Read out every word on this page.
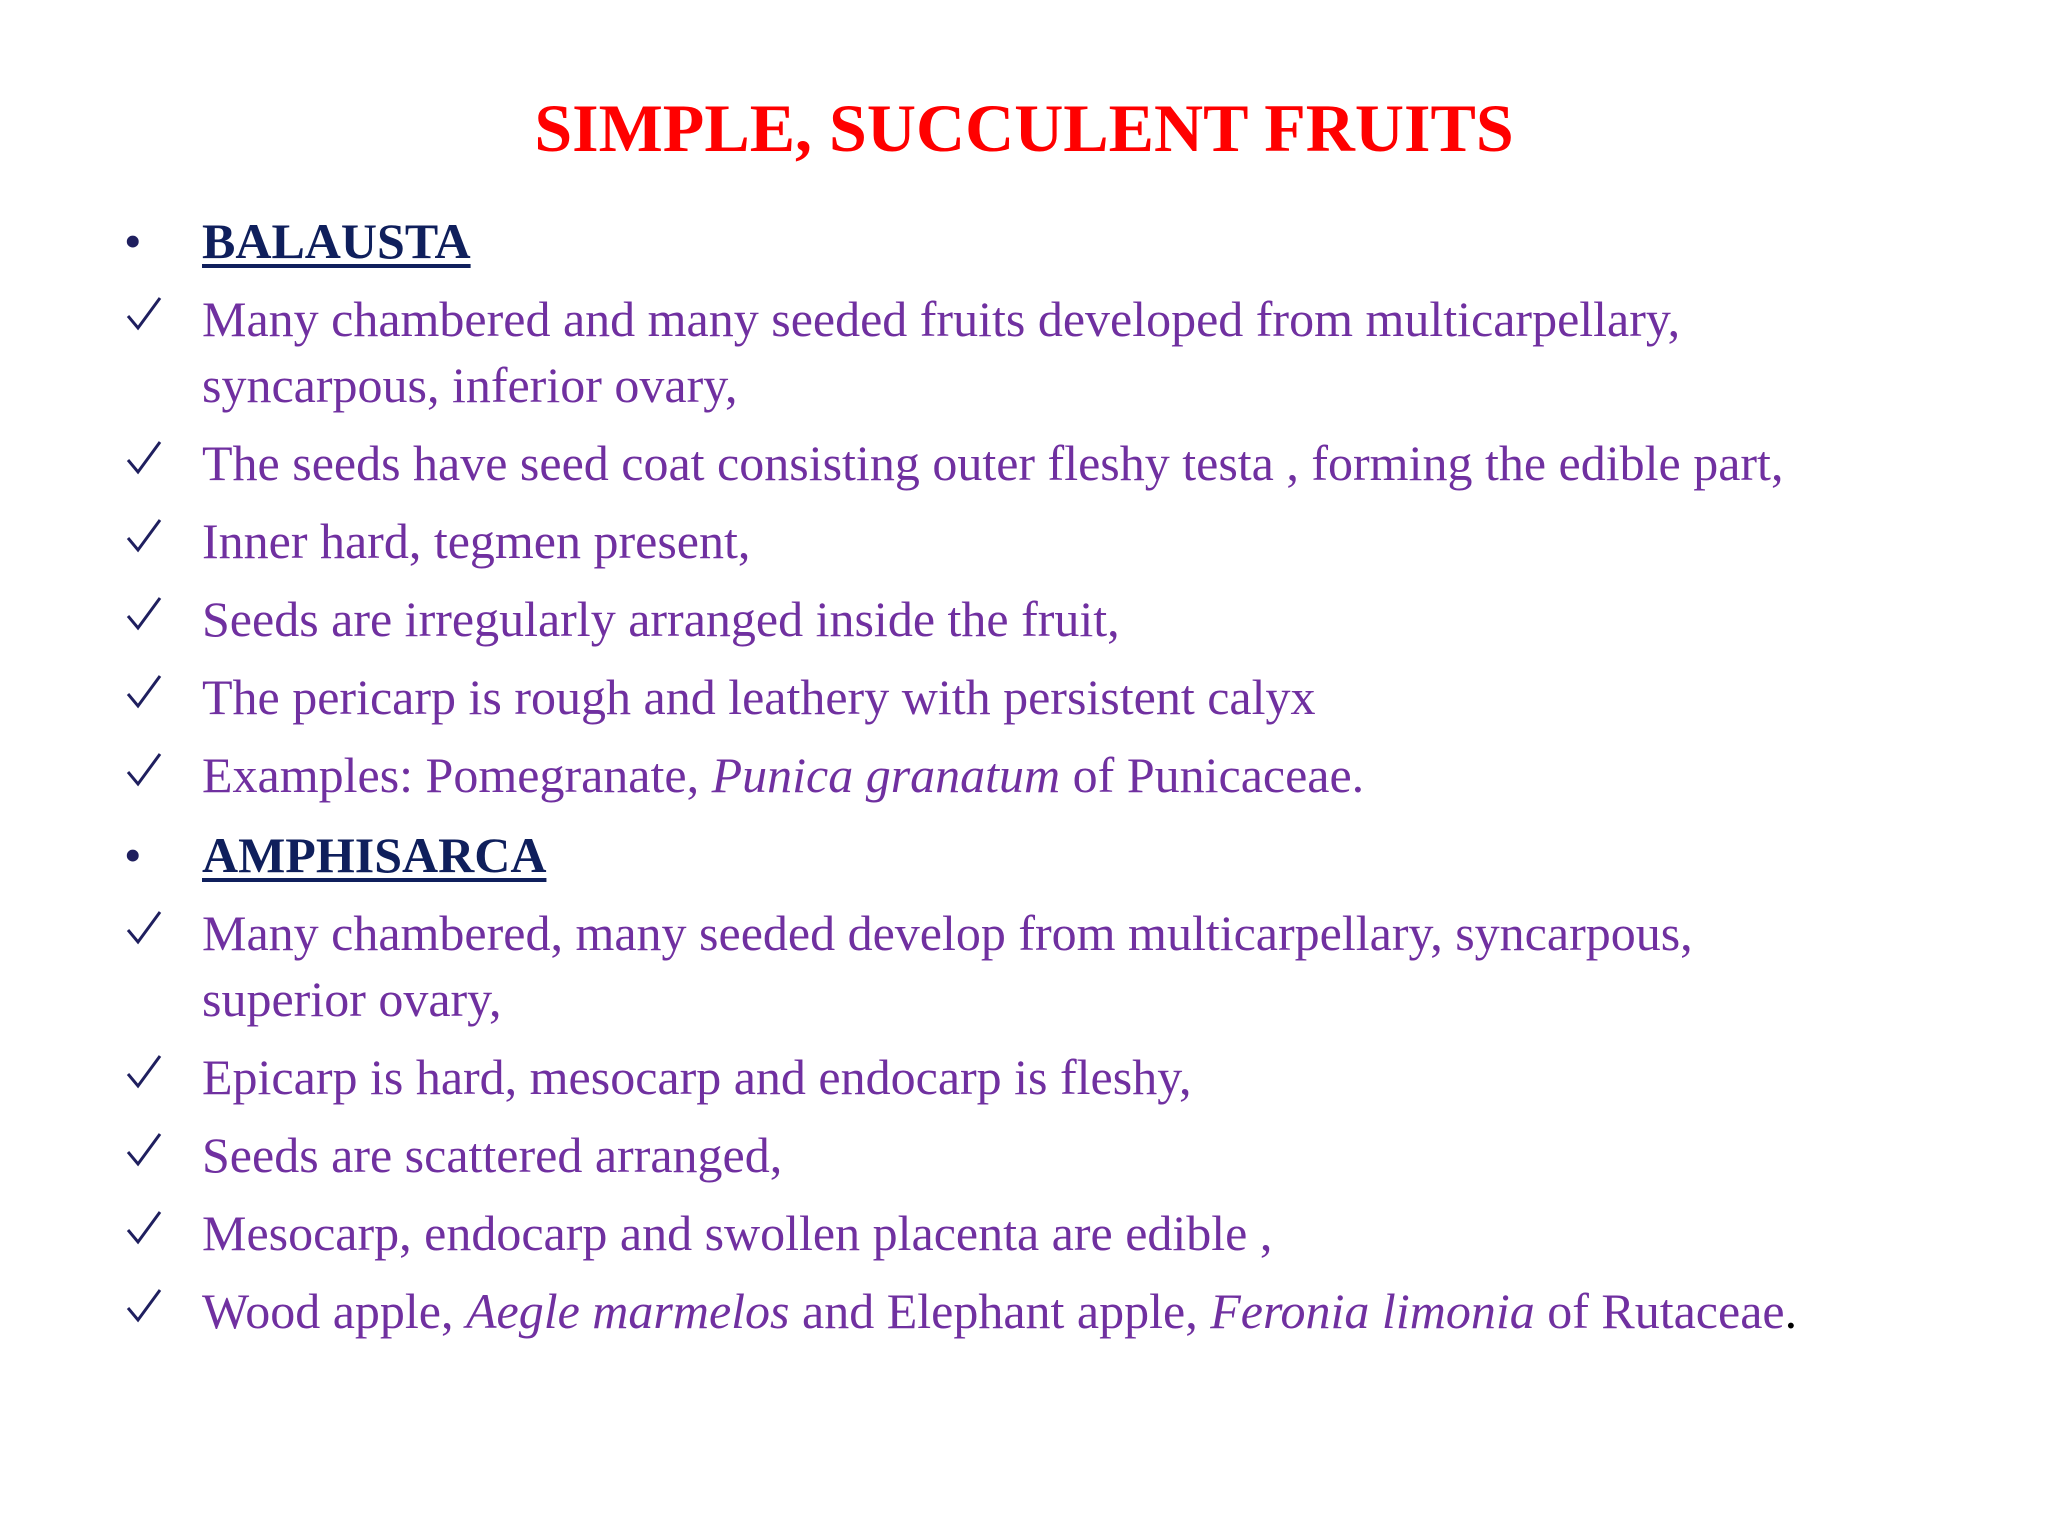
SIMPLE, SUCCULENT FRUITS
• BALAUSTA
Many chambered and many seeded fruits developed from multicarpellary,
syncarpous, inferior ovary,
The seeds have seed coat consisting outer fleshy testa , forming the edible part,
Inner hard, tegmen present,
Seeds are irregularly arranged inside the fruit,
The pericarp is rough and leathery with persistent calyx
Examples: Pomegranate, Punica granatum of Punicaceae.
• AMPHISARCA
Many chambered, many seeded develop from multicarpellary, syncarpous,
superior ovary,
Epicarp is hard, mesocarp and endocarp is fleshy,
Seeds are scattered arranged,
Mesocarp, endocarp and swollen placenta are edible ,
Wood apple, Aegle marmelos and Elephant apple, Feronia limonia of Rutaceae.
